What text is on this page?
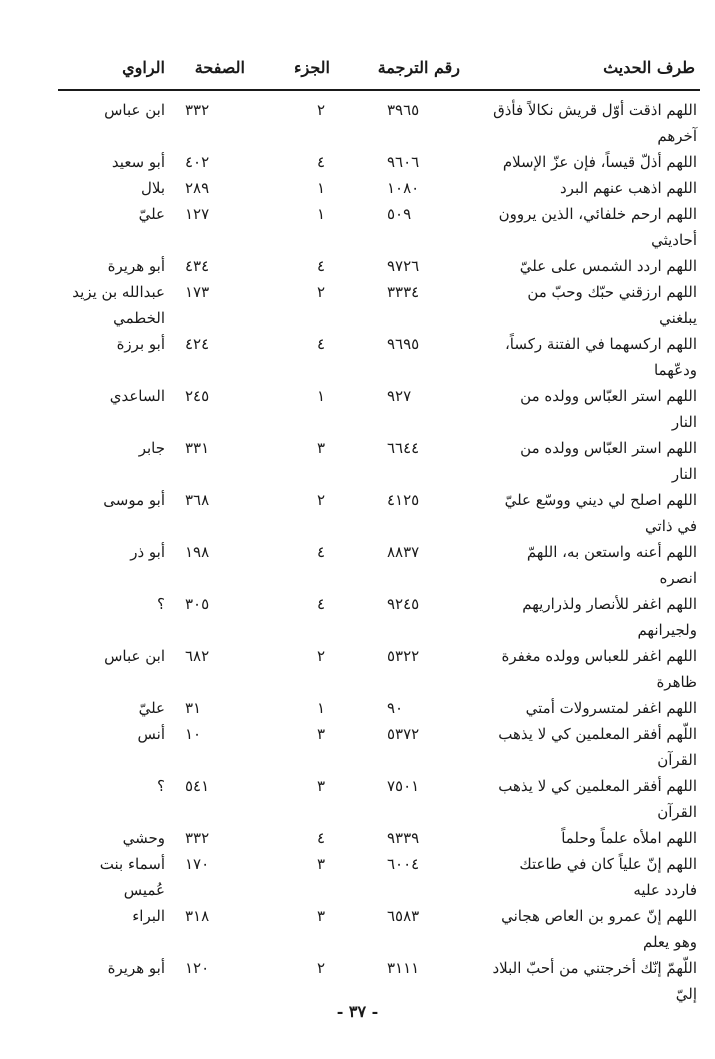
طرف الحديث
رقم الترجمة
الجزء
الصفحة
الراوي
اللهم اذقت أوّل قريش نكالاً فأذق آخرهم
٣٩٦٥
٢
٣٣٢
ابن عباس
اللهم أذلّ قيساً، فإن عزّ الإسلام
٩٦٠٦
٤
٤٠٢
أبو سعيد
اللهم اذهب عنهم البرد
١٠٨٠
١
٢٨٩
بلال
اللهم ارحم خلفائي، الذين يروون أحاديثي
٥٠٩
١
١٢٧
عليّ
اللهم اردد الشمس على عليّ
٩٧٢٦
٤
٤٣٤
أبو هريرة
اللهم ارزقني حبّك وحبّ من يبلغني
٣٣٣٤
٢
١٧٣
عبدالله بن يزيد الخطمي
اللهم اركسهما في الفتنة ركساً، ودعّهما
٩٦٩٥
٤
٤٢٤
أبو برزة
اللهم استر العبّاس وولده من النار
٩٢٧
١
٢٤٥
الساعدي
اللهم استر العبّاس وولده من النار
٦٦٤٤
٣
٣٣١
جابر
اللهم اصلح لي ديني ووسّع عليّ في ذاتي
٤١٢٥
٢
٣٦٨
أبو موسى
اللهم أعنه واستعن به، اللهمّ انصره
٨٨٣٧
٤
١٩٨
أبو ذر
اللهم اغفر للأنصار ولذراريهم ولجيرانهم
٩٢٤٥
٤
٣٠٥
؟
اللهم اغفر للعباس وولده مغفرة ظاهرة
٥٣٢٢
٢
٦٨٢
ابن عباس
اللهم اغفر لمتسرولات أمتي
٩٠
١
٣١
عليّ
اللّهم أفقر المعلمين كي لا يذهب القرآن
٥٣٧٢
٣
١٠
أنس
اللهم أفقر المعلمين كي لا يذهب القرآن
٧٥٠١
٣
٥٤١
؟
اللهم املأه علماً وحلماً
٩٣٣٩
٤
٣٣٢
وحشي
اللهم إنّ علياً كان في طاعتك فاردد عليه
٦٠٠٤
٣
١٧٠
أسماء بنت عُميس
اللهم إنّ عمرو بن العاص هجاني وهو يعلم
٦٥٨٣
٣
٣١٨
البراء
اللّهمّ إنّك أخرجتني من أحبّ البلاد إليّ
٣١١١
٢
١٢٠
أبو هريرة
- ٣٧ -
